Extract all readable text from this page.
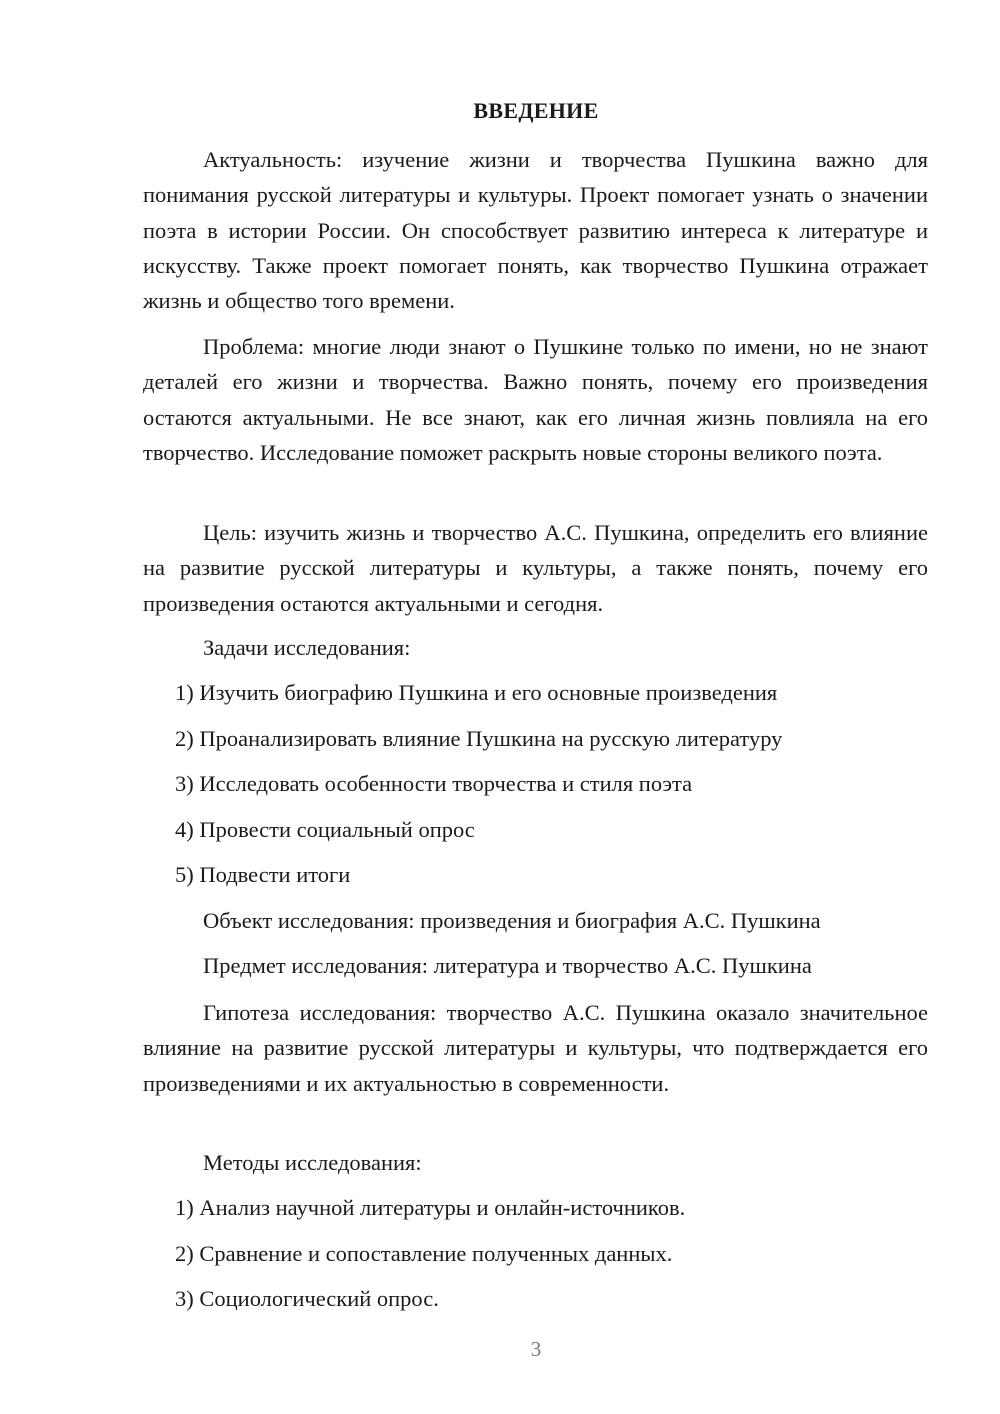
ВВЕДЕНИЕ

Актуальность: изучение жизни и творчества Пушкина важно для понимания русской литературы и культуры. Проект помогает узнать о значении поэта в истории России. Он способствует развитию интереса к литературе и искусству. Также проект помогает понять, как творчество Пушкина отражает жизнь и общество того времени.

Проблема: многие люди знают о Пушкине только по имени, но не знают деталей его жизни и творчества. Важно понять, почему его произведения остаются актуальными. Не все знают, как его личная жизнь повлияла на его творчество. Исследование поможет раскрыть новые стороны великого поэта.

Цель: изучить жизнь и творчество А.С. Пушкина, определить его влияние на развитие русской литературы и культуры, а также понять, почему его произведения остаются актуальными и сегодня.

Задачи исследования:
1) Изучить биографию Пушкина и его основные произведения
2) Проанализировать влияние Пушкина на русскую литературу
3) Исследовать особенности творчества и стиля поэта
4) Провести социальный опрос
5) Подвести итоги
Объект исследования: произведения и биография А.С. Пушкина
Предмет исследования: литература и творчество А.С. Пушкина

Гипотеза исследования: творчество А.С. Пушкина оказало значительное влияние на развитие русской литературы и культуры, что подтверждается его произведениями и их актуальностью в современности.

Методы исследования:
1) Анализ научной литературы и онлайн-источников.
2) Сравнение и сопоставление полученных данных.
3) Социологический опрос.
3
